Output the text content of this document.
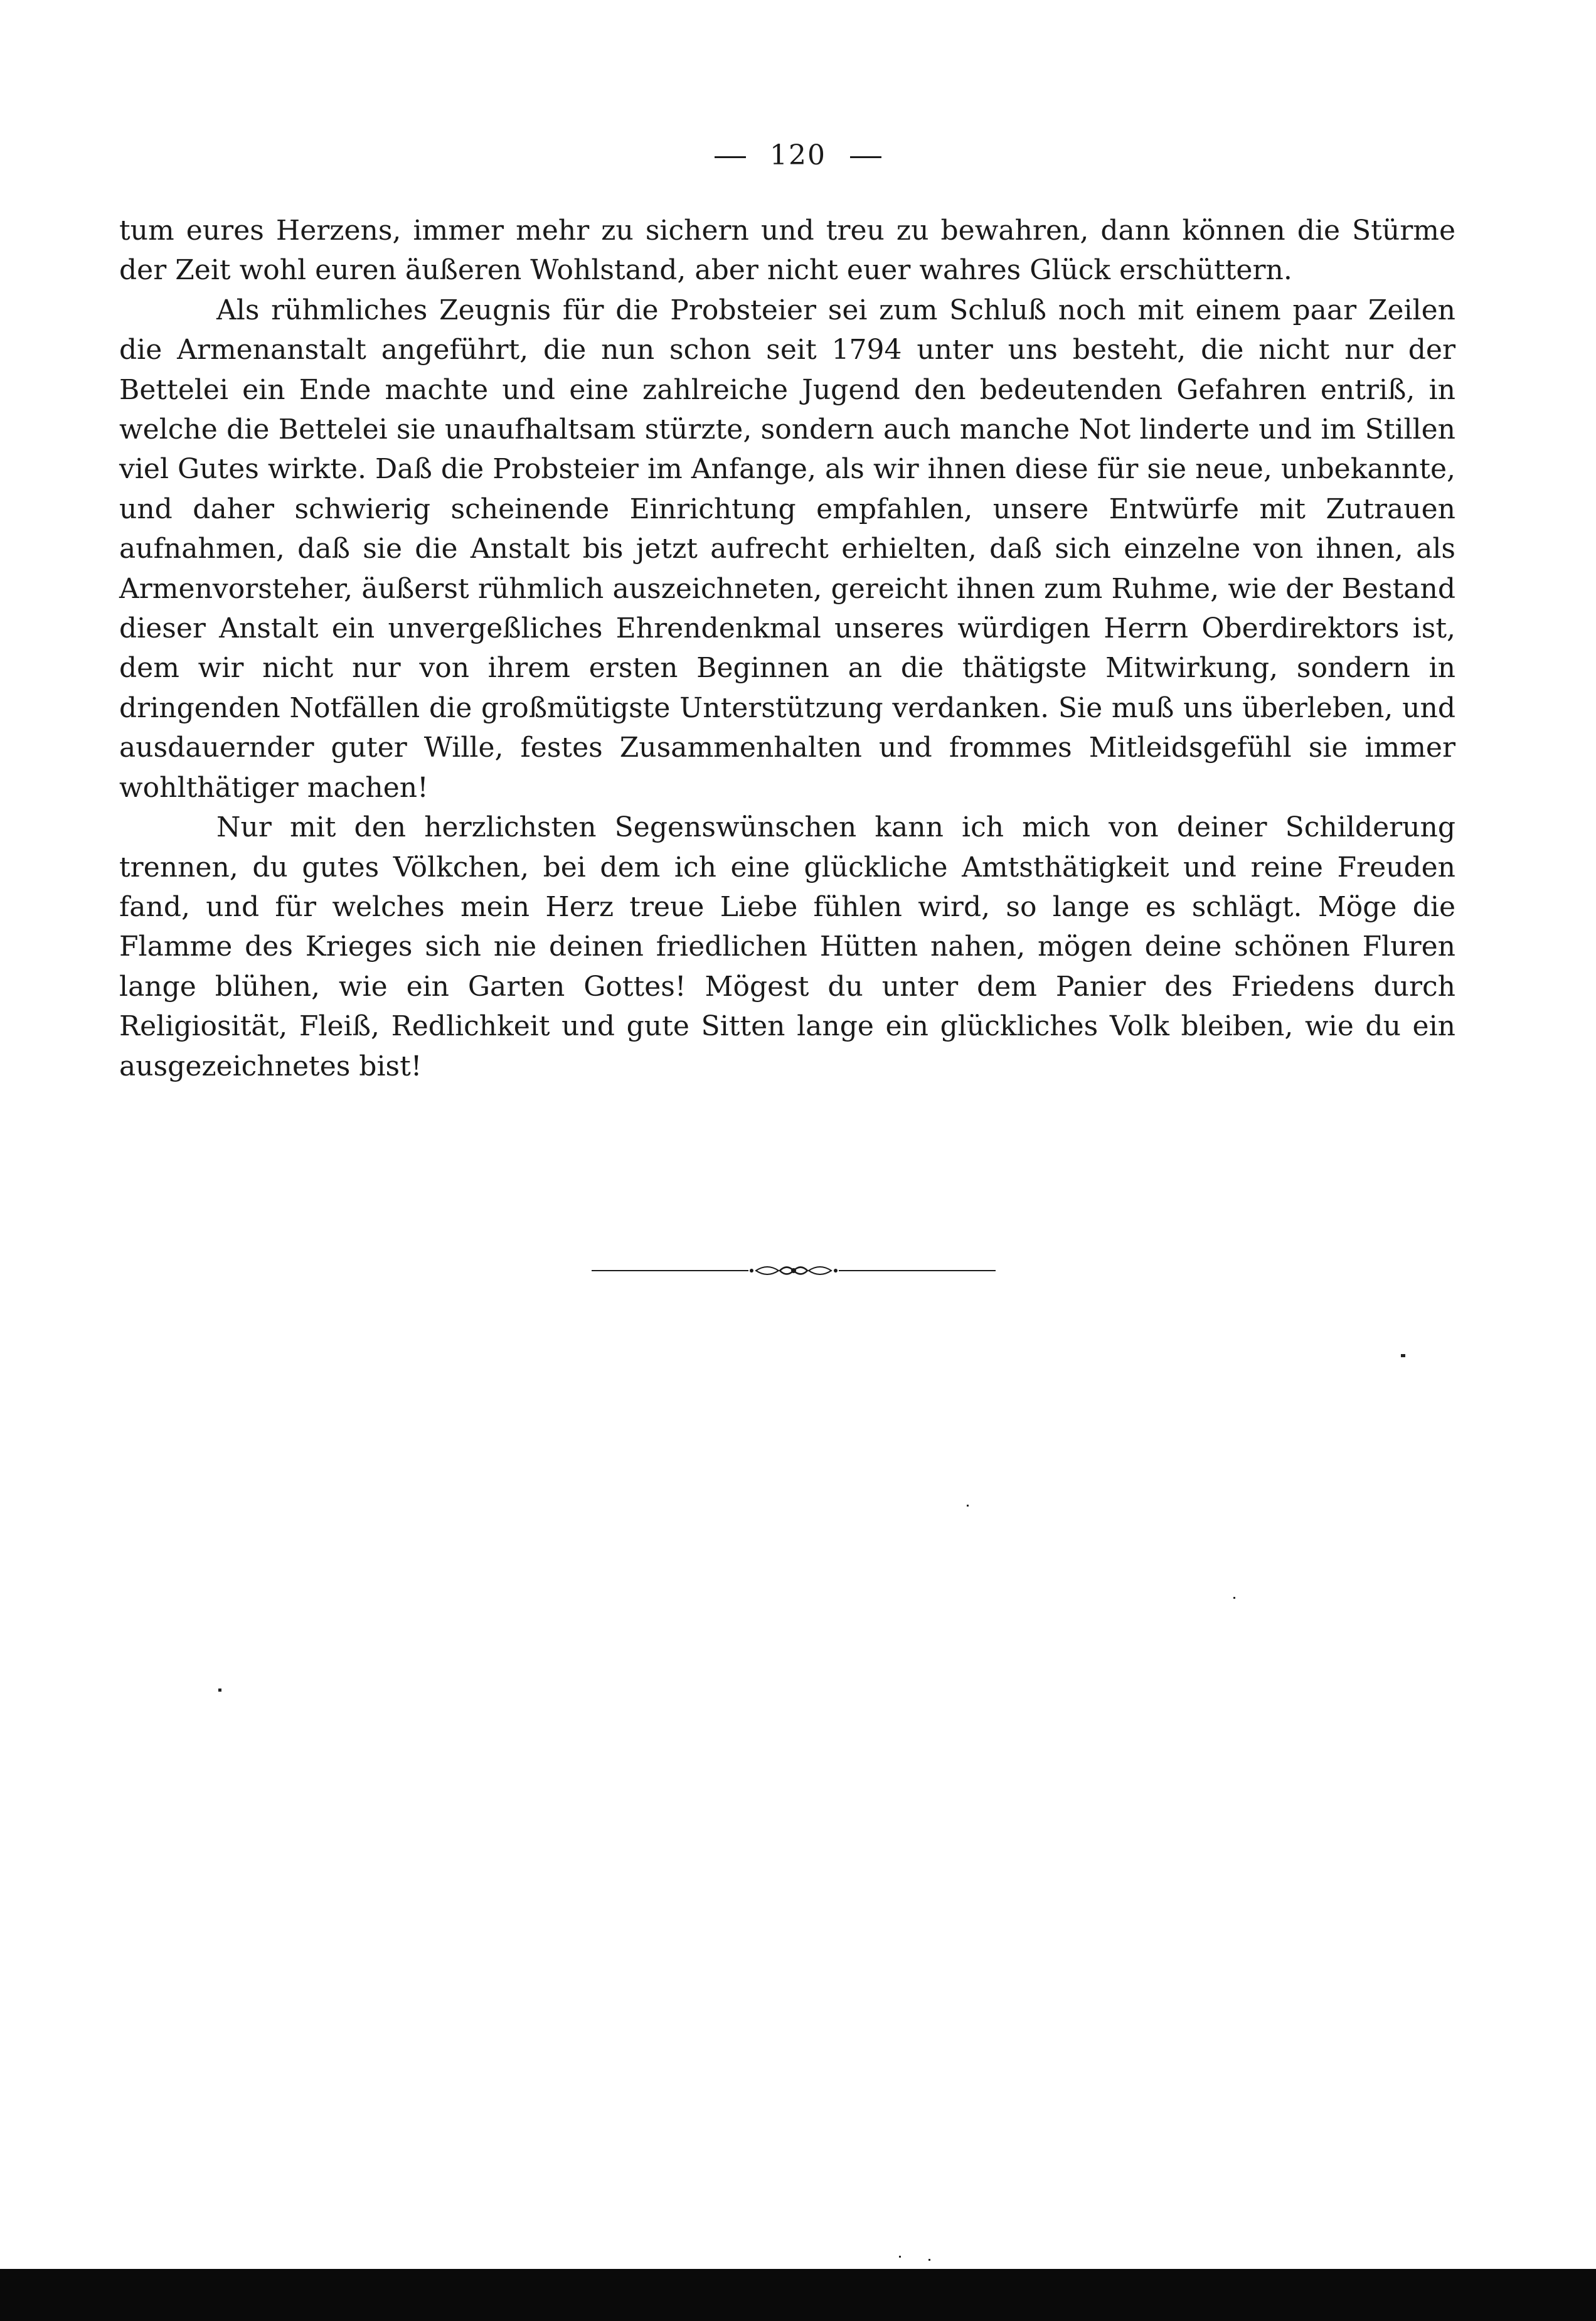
120

tum eures Herzens, immer mehr zu sichern und treu zu bewahren, dann können die Stürme der Zeit wohl euren äußeren Wohlstand, aber nicht euer wahres Glück erschüttern.

Als rühmliches Zeugnis für die Probsteier sei zum Schluß noch mit einem paar Zeilen die Armenanstalt angeführt, die nun schon seit 1794 unter uns besteht, die nicht nur der Bettelei ein Ende machte und eine zahlreiche Jugend den bedeutenden Gefahren entriß, in welche die Bettelei sie unaufhaltsam stürzte, sondern auch manche Not linderte und im Stillen viel Gutes wirkte. Daß die Probsteier im Anfange, als wir ihnen diese für sie neue, unbekannte, und daher schwierig scheinende Einrichtung empfahlen, unsere Entwürfe mit Zutrauen aufnahmen, daß sie die Anstalt bis jetzt aufrecht erhielten, daß sich einzelne von ihnen, als Armenvorsteher, äußerst rühmlich auszeichneten, gereicht ihnen zum Ruhme, wie der Bestand dieser Anstalt ein unvergeßliches Ehrendenkmal unseres würdigen Herrn Oberdirektors ist, dem wir nicht nur von ihrem ersten Beginnen an die thätigste Mitwirkung, sondern in dringenden Notfällen die großmütigste Unterstützung verdanken. Sie muß uns überleben, und ausdauernder guter Wille, festes Zusammenhalten und frommes Mitleidsgefühl sie immer wohlthätiger machen!

Nur mit den herzlichsten Segenswünschen kann ich mich von deiner Schilderung trennen, du gutes Völkchen, bei dem ich eine glückliche Amtsthätigkeit und reine Freuden fand, und für welches mein Herz treue Liebe fühlen wird, so lange es schlägt. Möge die Flamme des Krieges sich nie deinen friedlichen Hütten nahen, mögen deine schönen Fluren lange blühen, wie ein Garten Gottes! Mögest du unter dem Panier des Friedens durch Religiosität, Fleiß, Redlichkeit und gute Sitten lange ein glückliches Volk bleiben, wie du ein ausgezeichnetes bist!
